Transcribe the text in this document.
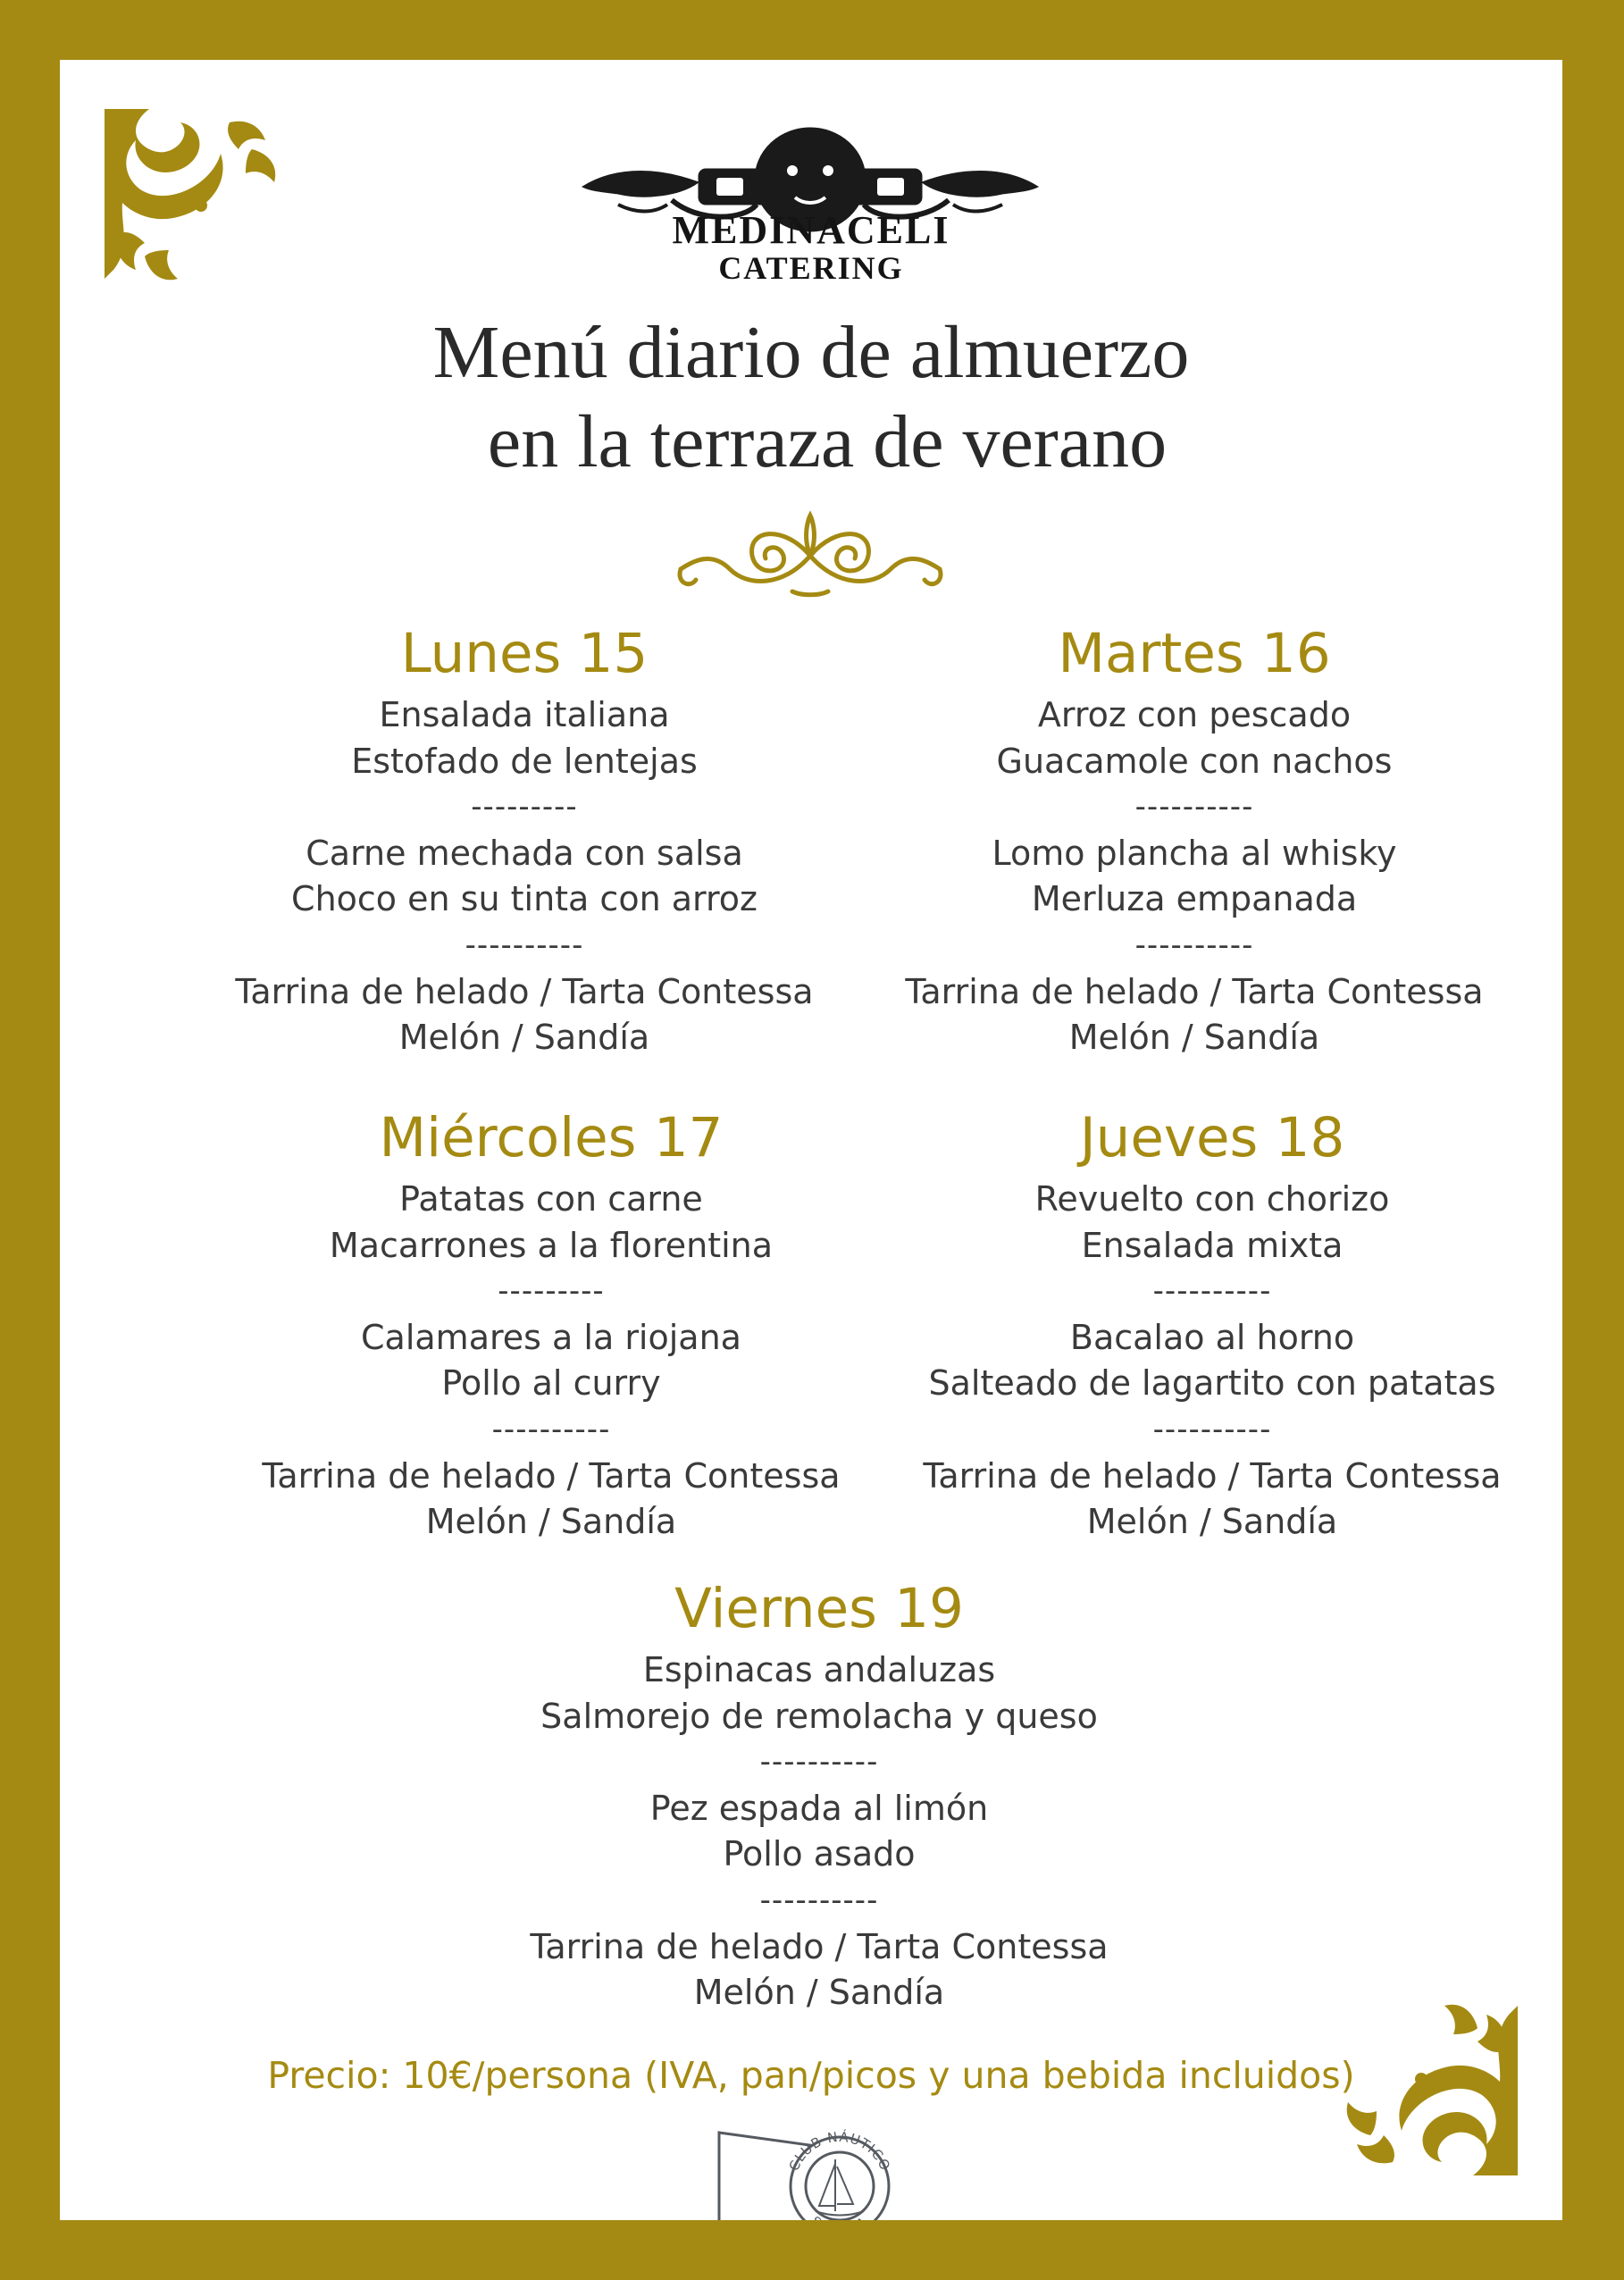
MEDINACELI
CATERING
Menú diario de almuerzo
en la terraza de verano
Lunes 15
Ensalada italiana
Estofado de lentejas
---------
Carne mechada con salsa
Choco en su tinta con arroz
----------
Tarrina de helado / Tarta Contessa
Melón / Sandía
Martes 16
Arroz con pescado
Guacamole con nachos
----------
Lomo plancha al whisky
Merluza empanada
----------
Tarrina de helado / Tarta Contessa
Melón / Sandía
Miércoles 17
Patatas con carne
Macarrones a la florentina
---------
Calamares a la riojana
Pollo al curry
----------
Tarrina de helado / Tarta Contessa
Melón / Sandía
Jueves 18
Revuelto con chorizo
Ensalada mixta
----------
Bacalao al horno
Salteado de lagartito con patatas
----------
Tarrina de helado / Tarta Contessa
Melón / Sandía
Viernes 19
Espinacas andaluzas
Salmorejo de remolacha y queso
----------
Pez espada al limón
Pollo asado
----------
Tarrina de helado / Tarta Contessa
Melón / Sandía
Precio: 10€/persona (IVA, pan/picos y una bebida incluidos)
CLUB NÁUTICO
SEVILLA
